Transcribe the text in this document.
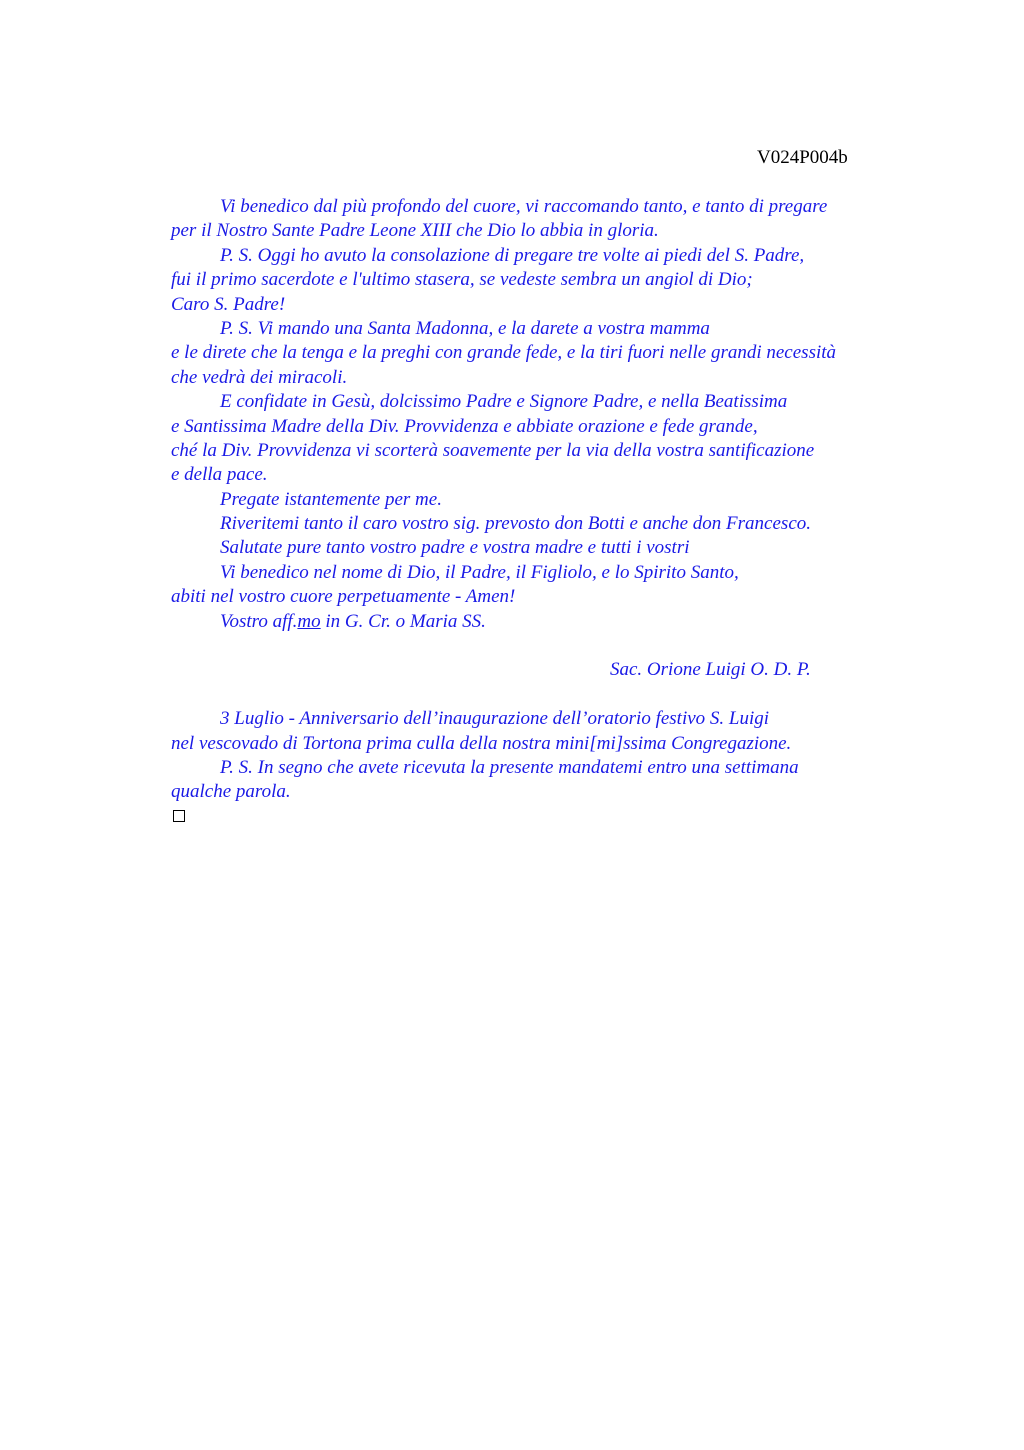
V024P004b
Vi benedico dal più profondo del cuore, vi raccomando tanto, e tanto di pregare
per il Nostro Sante Padre Leone XIII che Dio lo abbia in gloria.
P. S. Oggi ho avuto la consolazione di pregare tre volte ai piedi del S. Padre,
fui il primo sacerdote e l'ultimo stasera, se vedeste sembra un angiol di Dio;
Caro S. Padre!
P. S. Vi mando una Santa Madonna, e la darete a vostra mamma
e le direte che la tenga e la preghi con grande fede, e la tiri fuori nelle grandi necessità
che vedrà dei miracoli.
E confidate in Gesù, dolcissimo Padre e Signore Padre, e nella Beatissima
e Santissima Madre della Div. Provvidenza e abbiate orazione e fede grande,
ché la Div. Provvidenza vi scorterà soavemente per la via della vostra santificazione
e della pace.
Pregate istantemente per me.
Riveritemi tanto il caro vostro sig. prevosto don Botti e anche don Francesco.
Salutate pure tanto vostro padre e vostra madre e tutti i vostri
Vi benedico nel nome di Dio, il Padre, il Figliolo, e lo Spirito Santo,
abiti nel vostro cuore perpetuamente - Amen!
Vostro aff.mo in G. Cr. o Maria SS.
Sac. Orione Luigi O. D. P.
3 Luglio - Anniversario dell’inaugurazione dell’oratorio festivo S. Luigi
nel vescovado di Tortona prima culla della nostra mini[mi]ssima Congregazione.
P. S. In segno che avete ricevuta la presente mandatemi entro una settimana
qualche parola.
